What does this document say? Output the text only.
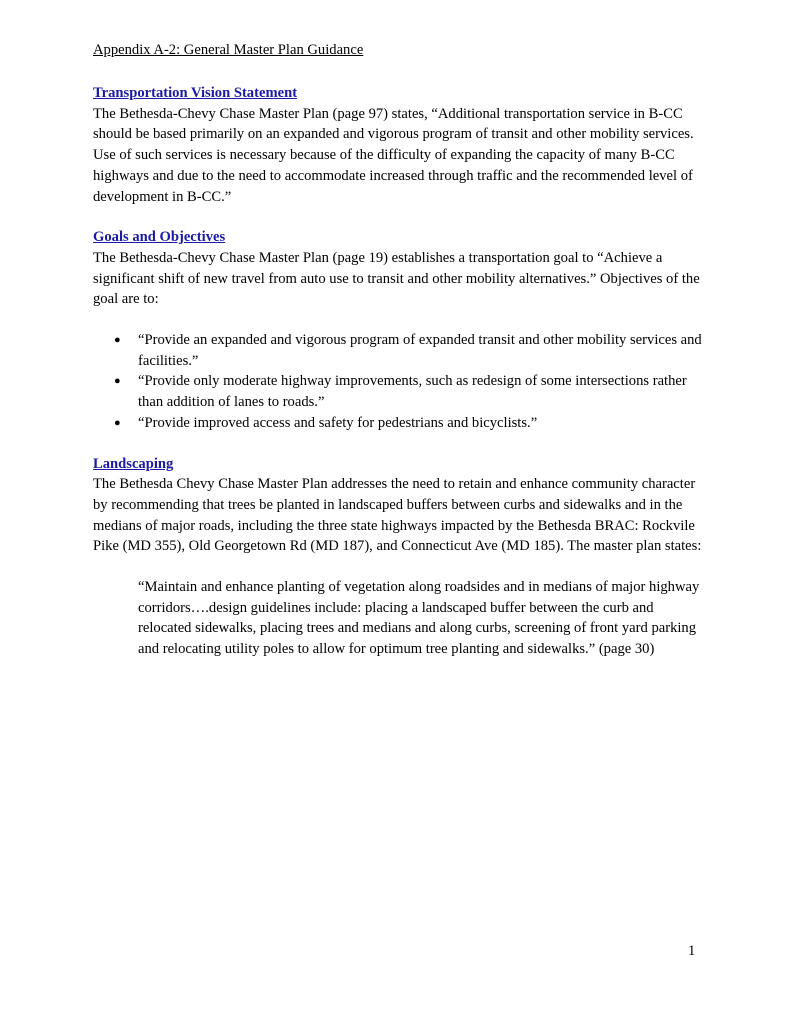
Appendix A-2: General Master Plan Guidance
Transportation Vision Statement

The Bethesda-Chevy Chase Master Plan (page 97) states, “Additional transportation service in B-CC should be based primarily on an expanded and vigorous program of transit and other mobility services. Use of such services is necessary because of the difficulty of expanding the capacity of many B-CC highways and due to the need to accommodate increased through traffic and the recommended level of development in B-CC.”

Goals and Objectives

The Bethesda-Chevy Chase Master Plan (page 19) establishes a transportation goal to “Achieve a significant shift of new travel from auto use to transit and other mobility alternatives.” Objectives of the goal are to:

● “Provide an expanded and vigorous program of expanded transit and other mobility services and facilities.”
● “Provide only moderate highway improvements, such as redesign of some intersections rather than addition of lanes to roads.”
● “Provide improved access and safety for pedestrians and bicyclists.”
Landscaping

The Bethesda Chevy Chase Master Plan addresses the need to retain and enhance community character by recommending that trees be planted in landscaped buffers between curbs and sidewalks and in the medians of major roads, including the three state highways impacted by the Bethesda BRAC: Rockvile Pike (MD 355), Old Georgetown Rd (MD 187), and Connecticut Ave (MD 185). The master plan states:

“Maintain and enhance planting of vegetation along roadsides and in medians of major highway corridors….design guidelines include: placing a landscaped buffer between the curb and relocated sidewalks, placing trees and medians and along curbs, screening of front yard parking and relocating utility poles to allow for optimum tree planting and sidewalks.” (page 30)

1
